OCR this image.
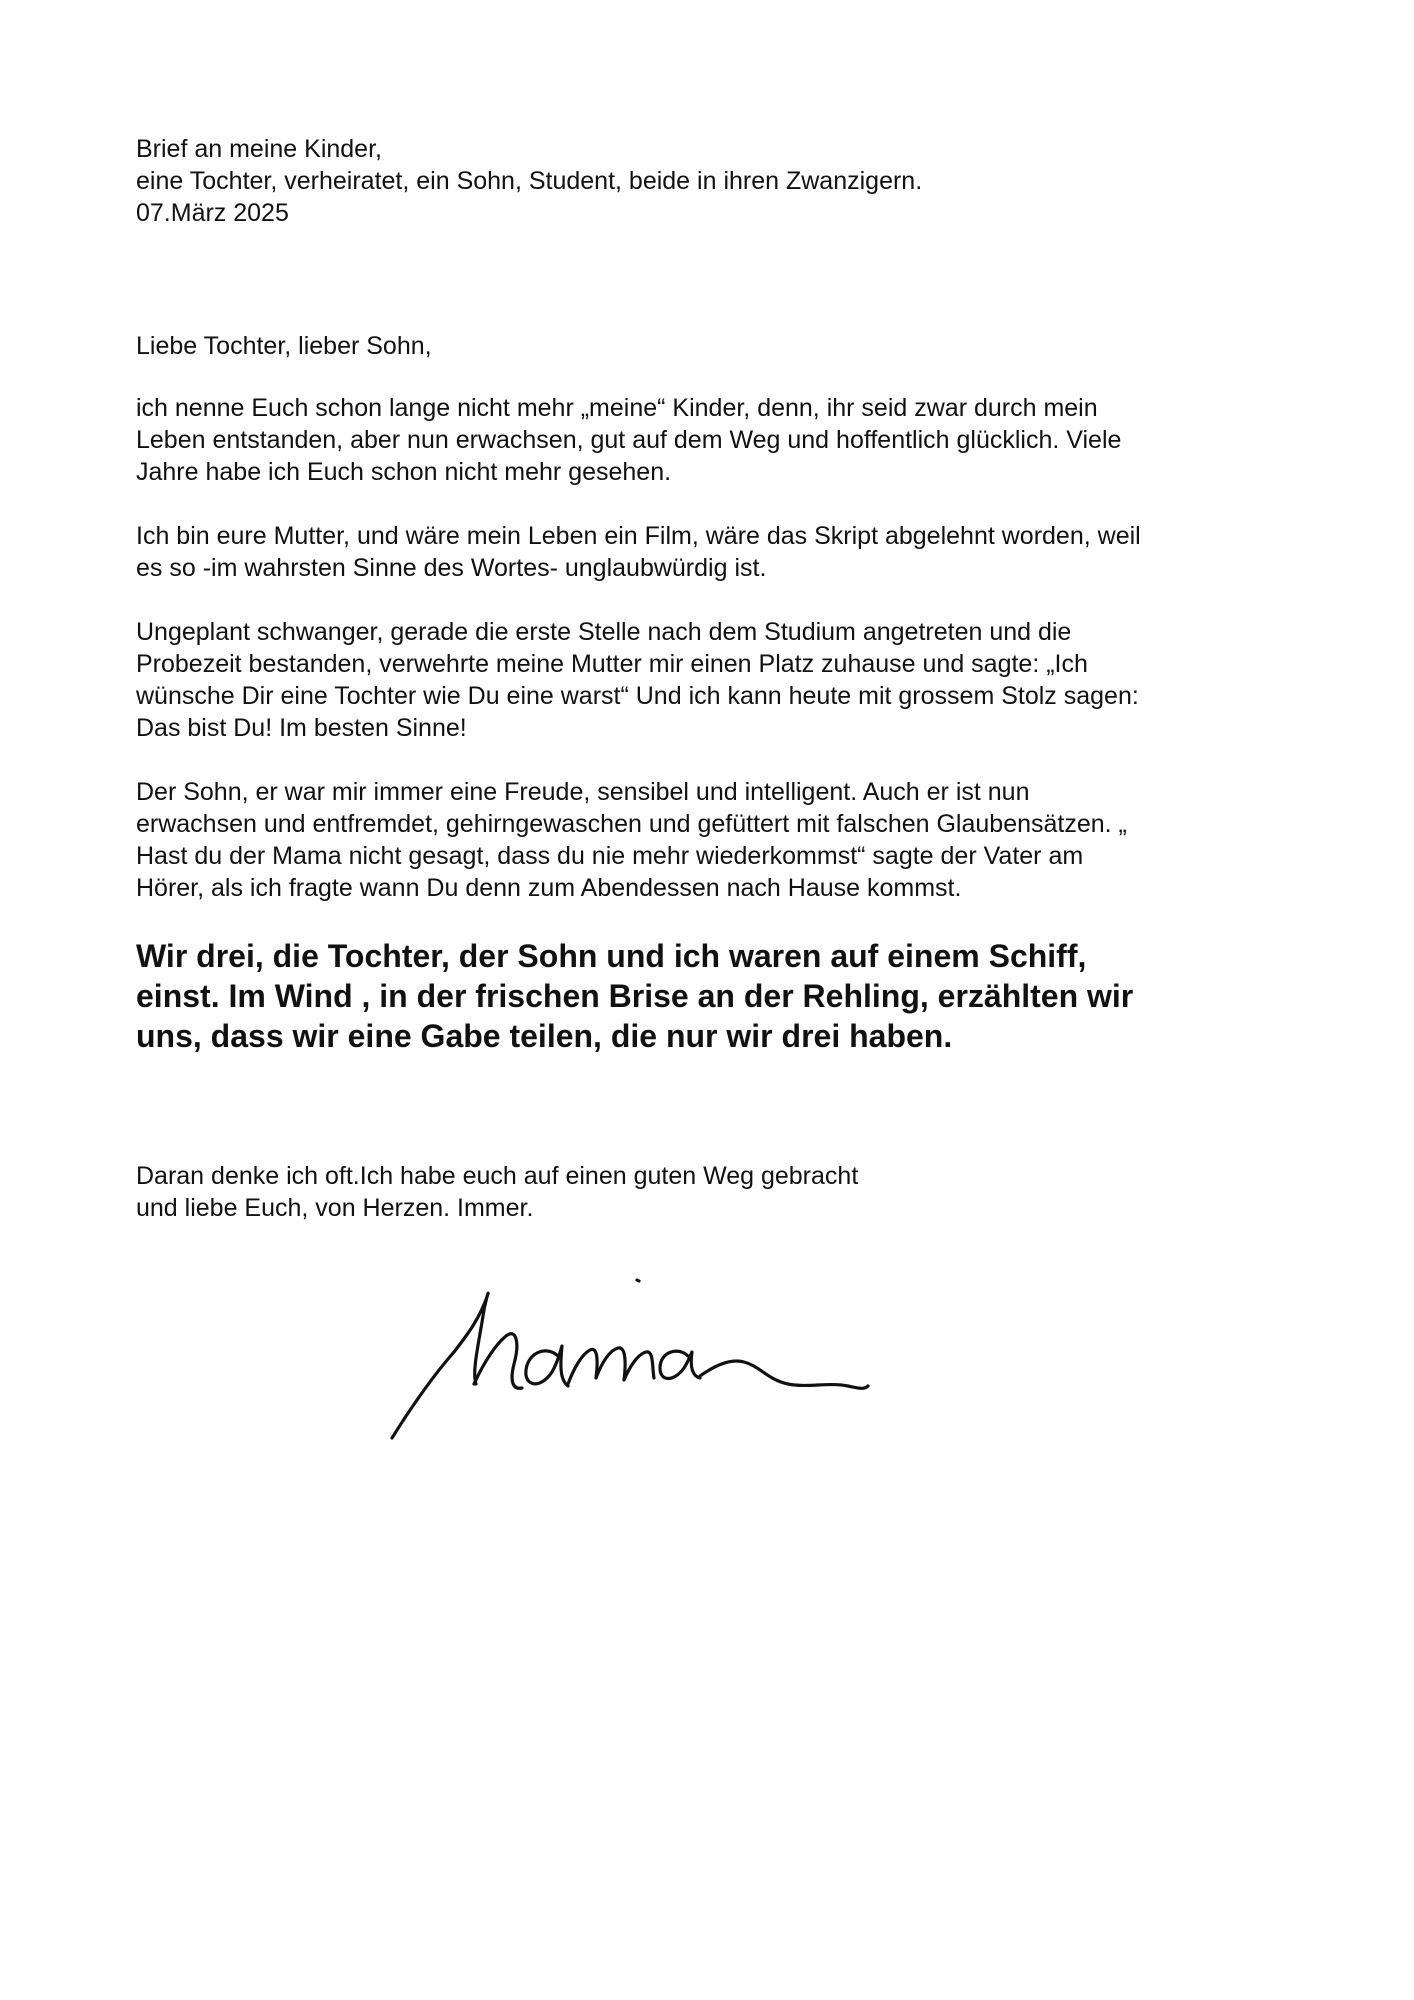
Brief an meine Kinder,

eine Tochter, verheiratet, ein Sohn, Student, beide in ihren Zwanzigern.

07.März 2025

Liebe Tochter, lieber Sohn,

ich nenne Euch schon lange nicht mehr „meine“ Kinder, denn, ihr seid zwar durch mein

Leben entstanden, aber nun erwachsen, gut auf dem Weg und hoffentlich glücklich. Viele

Jahre habe ich Euch schon nicht mehr gesehen.

Ich bin eure Mutter, und wäre mein Leben ein Film, wäre das Skript abgelehnt worden, weil

es so -im wahrsten Sinne des Wortes- unglaubwürdig ist.

Ungeplant schwanger, gerade die erste Stelle nach dem Studium angetreten und die

Probezeit bestanden, verwehrte meine Mutter mir einen Platz zuhause und sagte: „Ich

wünsche Dir eine Tochter wie Du eine warst“ Und ich kann heute mit grossem Stolz sagen:

Das bist Du! Im besten Sinne!

Der Sohn, er war mir immer eine Freude, sensibel und intelligent. Auch er ist nun

erwachsen und entfremdet, gehirngewaschen und gefüttert mit falschen Glaubensätzen. „

Hast du der Mama nicht gesagt, dass du nie mehr wiederkommst“ sagte der Vater am

Hörer, als ich fragte wann Du denn zum Abendessen nach Hause kommst.

Wir drei, die Tochter, der Sohn und ich waren auf einem Schiff,

einst. Im Wind , in der frischen Brise an der Rehling, erzählten wir

uns, dass wir eine Gabe teilen, die nur wir drei haben.

Daran denke ich oft.Ich habe euch auf einen guten Weg gebracht

und liebe Euch, von Herzen. Immer.
